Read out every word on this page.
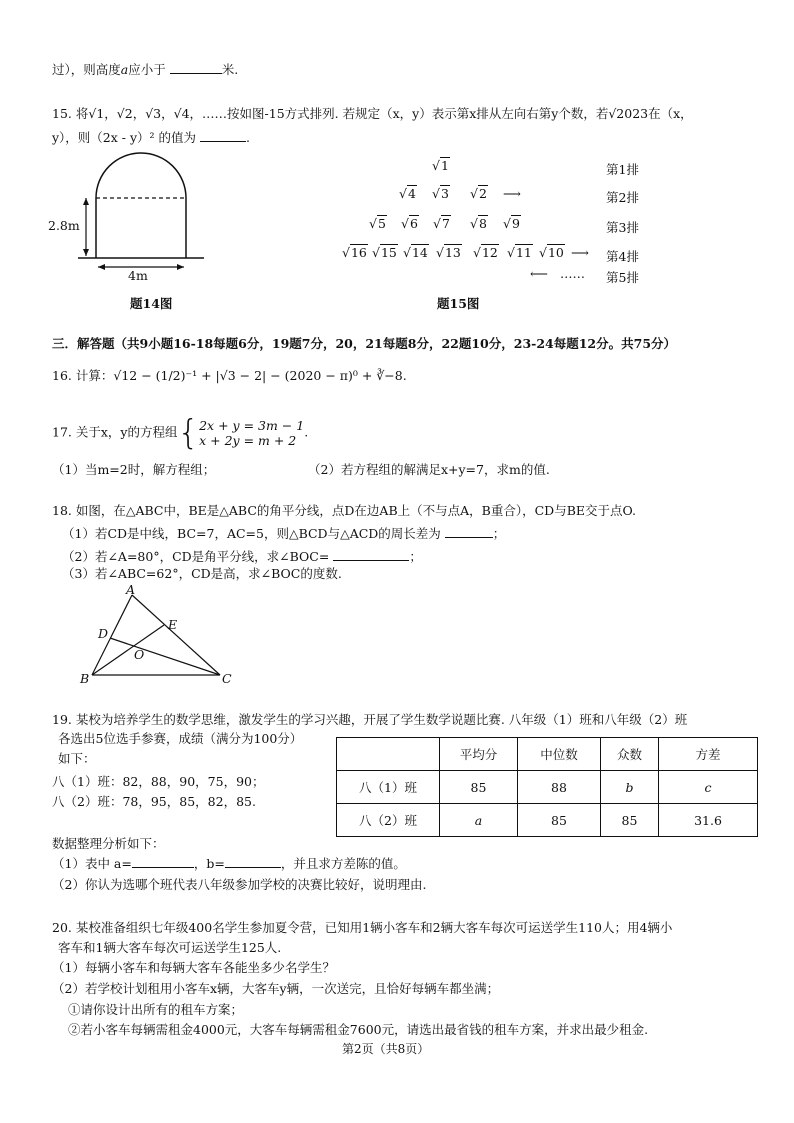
过），则高度a应小于	米.
15. 将√1，√2，√3，√4，……按如图-15方式排列. 若规定（x，y）表示第x排从左向右第y个数，若√2023在（x，
y），则（2x - y）² 的值为	.
2.8m
4m
题14图
√1	第1排
√4 √3 √2 ⟶	第2排
√5 √6 √7 √8 √9	第3排
√16 √15 √14 √13 √12 √11 √10 ⟶ 第4排
⟵ …… 第5排
题15图
三．解答题（共9小题16-18每题6分，19题7分，20，21每题8分，22题10分，23-24每题12分。共75分）
16. 计算：√12 − (1/2)⁻¹ + |√3 − 2| − (2020 − π)⁰ + ∛−8.
17. 关于x，y的方程组{2x + y = 3m − 1
x + 2y = m + 2.
（1）当m=2时，解方程组；	（2）若方程组的解满足x+y=7，求m的值.
18. 如图，在△ABC中，BE是△ABC的角平分线，点D在边AB上（不与点A，B重合），CD与BE交于点O.
（1）若CD是中线，BC=7，AC=5，则△BCD与△ACD的周长差为	；
（2）若∠A=80°，CD是角平分线，求∠BOC=	；
（3）若∠ABC=62°，CD是高，求∠BOC的度数.
A
D
E
O
B	C
19. 某校为培养学生的数学思维，激发学生的学习兴趣，开展了学生数学说题比赛. 八年级（1）班和八年级（2）班
各选出5位选手参赛，成绩（满分为100分）
如下：
八（1）班：82，88，90，75，90；
八（2）班：78，95，85，82，85.
	平均分	中位数	众数	方差
八（1）班	85	88	b	c
八（2）班	a	85	85	31.6
数据整理分析如下：
（1）表中 a=	，b=	，并且求方差陈的值。
（2）你认为选哪个班代表八年级参加学校的决赛比较好，说明理由.
20. 某校准备组织七年级400名学生参加夏令营，已知用1辆小客车和2辆大客车每次可运送学生110人；用4辆小
客车和1辆大客车每次可运送学生125人.
（1）每辆小客车和每辆大客车各能坐多少名学生？
（2）若学校计划租用小客车x辆，大客车y辆，一次送完，且恰好每辆车都坐满；
①请你设计出所有的租车方案；
②若小客车每辆需租金4000元，大客车每辆需租金7600元，请选出最省钱的租车方案，并求出最少租金.
第2页（共8页）
